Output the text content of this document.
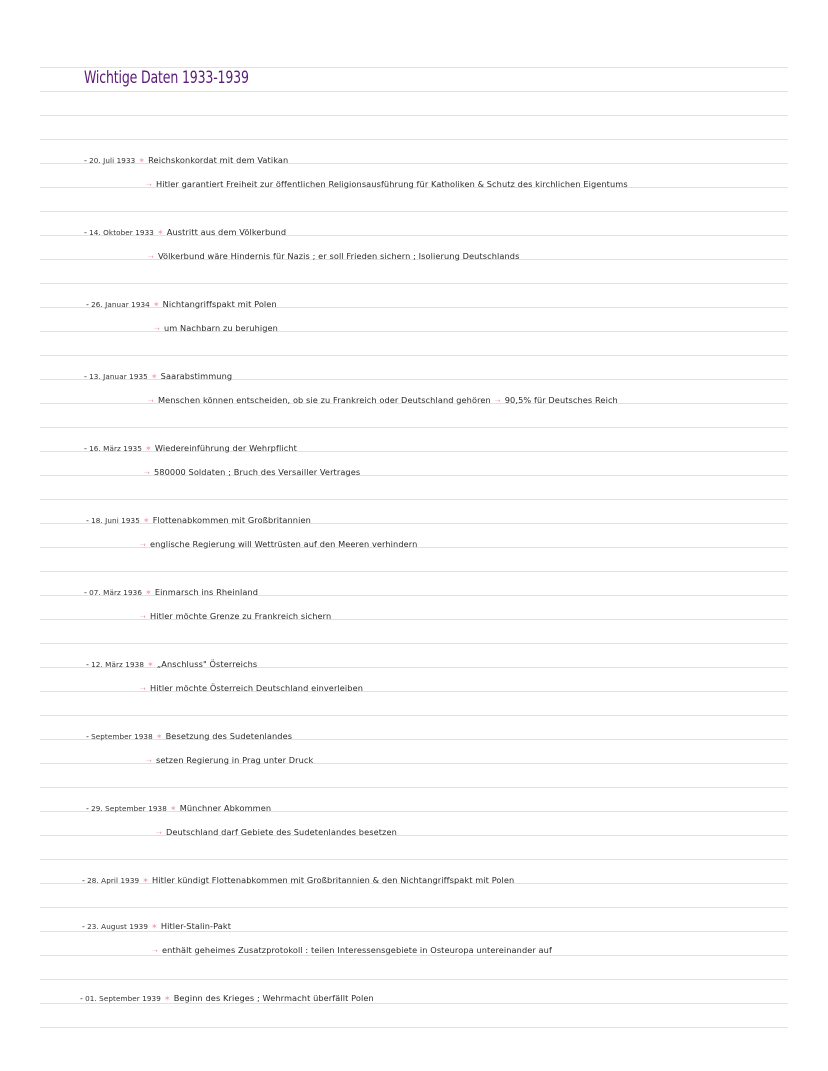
Wichtige Daten 1933-1939
- 20. Juli 1933 ✶ Reichskonkordat mit dem Vatikan
➝ Hitler garantiert Freiheit zur öffentlichen Religionsausführung für Katholiken & Schutz des kirchlichen Eigentums
- 14. Oktober 1933 ✶ Austritt aus dem Völkerbund
➝ Völkerbund wäre Hindernis für Nazis ; er soll Frieden sichern ; Isolierung Deutschlands
- 26. Januar 1934 ✶ Nichtangriffspakt mit Polen
➝ um Nachbarn zu beruhigen
- 13. Januar 1935 ✶ Saarabstimmung
➝ Menschen können entscheiden, ob sie zu Frankreich oder Deutschland gehören ➝ 90,5% für Deutsches Reich
- 16. März 1935 ✶ Wiedereinführung der Wehrpflicht
➝ 580000 Soldaten ; Bruch des Versailler Vertrages
- 18. Juni 1935 ✶ Flottenabkommen mit Großbritannien
➝ englische Regierung will Wettrüsten auf den Meeren verhindern
- 07. März 1936 ✶ Einmarsch ins Rheinland
➝ Hitler möchte Grenze zu Frankreich sichern
- 12. März 1938 ✶ „Anschluss" Österreichs
➝ Hitler möchte Österreich Deutschland einverleiben
- September 1938 ✶ Besetzung des Sudetenlandes
➝ setzen Regierung in Prag unter Druck
- 29. September 1938 ✶ Münchner Abkommen
➝ Deutschland darf Gebiete des Sudetenlandes besetzen
- 28. April 1939 ✶ Hitler kündigt Flottenabkommen mit Großbritannien & den Nichtangriffspakt mit Polen
- 23. August 1939 ✶ Hitler-Stalin-Pakt
➝ enthält geheimes Zusatzprotokoll : teilen Interessensgebiete in Osteuropa untereinander auf
- 01. September 1939 ✶ Beginn des Krieges ; Wehrmacht überfällt Polen
